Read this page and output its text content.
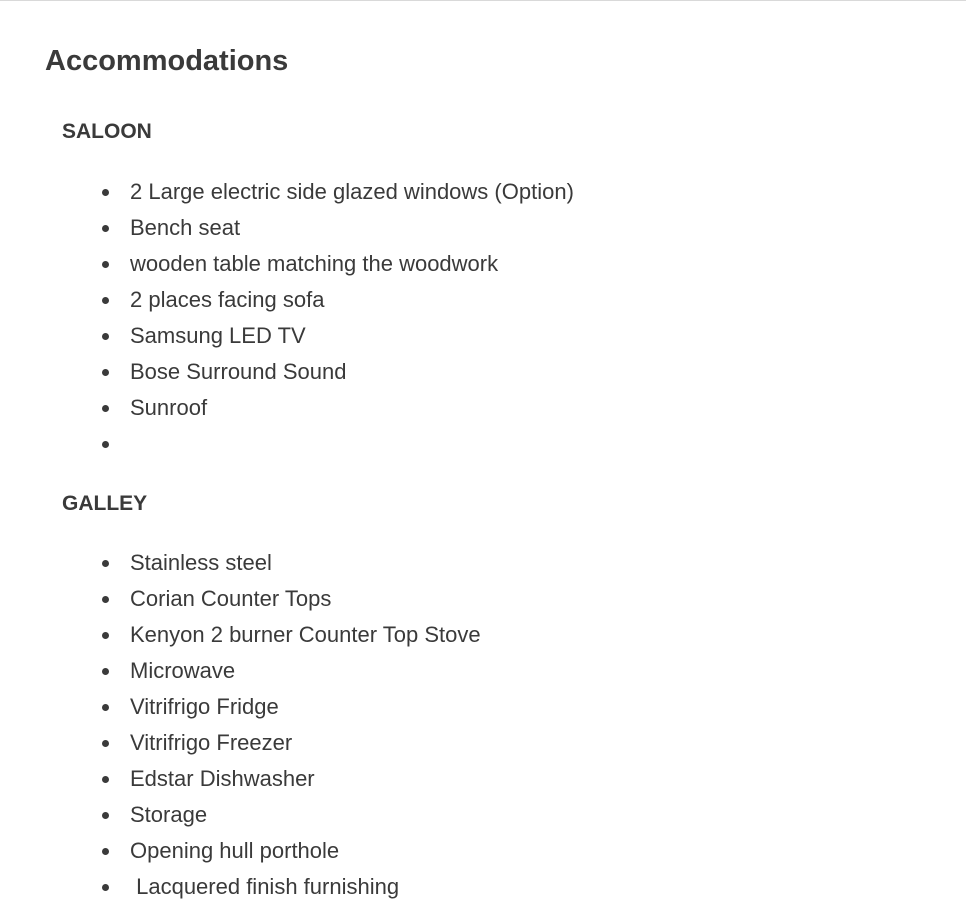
Accommodations
SALOON
2 Large electric side glazed windows (Option)
Bench seat
wooden table matching the woodwork
2 places facing sofa
Samsung LED TV
Bose Surround Sound
Sunroof
GALLEY
Stainless steel
Corian Counter Tops
Kenyon 2 burner Counter Top Stove
Microwave
Vitrifrigo Fridge
Vitrifrigo Freezer
Edstar Dishwasher
Storage
Opening hull porthole
Lacquered finish furnishing
